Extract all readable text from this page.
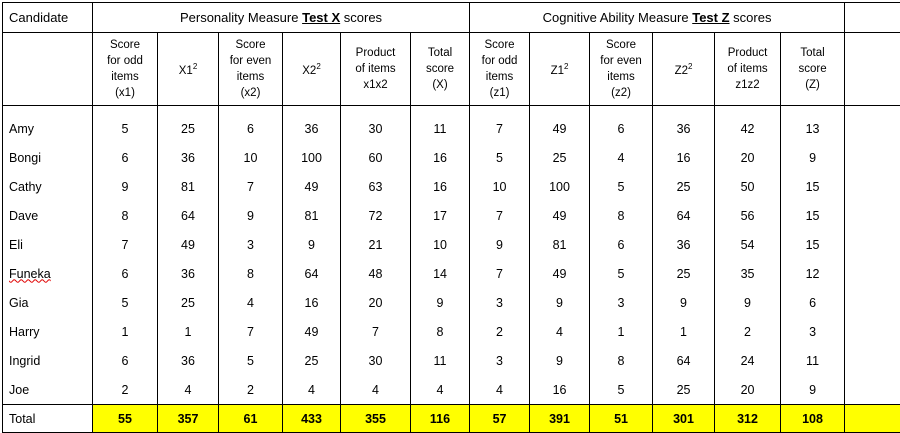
Candidate	Personality Measure Test X scores						Cognitive Ability Measure Test Z scores						
	Score
for odd
items
(x1)	$X1^2$	Score
for even
items
(x2)	$X2^2$	Product
of items
x1x2	Total
score
(X)	Score
for odd
items
(z1)	$Z1^2$	Score
for even
items
(z2)	$Z2^2$	Product
of items
z1z2	Total
score
(Z)	
Amy	5	25	6	36	30	11	7	49	6	36	42	13	
Bongi	6	36	10	100	60	16	5	25	4	16	20	9	
Cathy	9	81	7	49	63	16	10	100	5	25	50	15	
Dave	8	64	9	81	72	17	7	49	8	64	56	15	
Eli	7	49	3	9	21	10	9	81	6	36	54	15	
Funeka	6	36	8	64	48	14	7	49	5	25	35	12	
Gia	5	25	4	16	20	9	3	9	3	9	9	6	
Harry	1	1	7	49	7	8	2	4	1	1	2	3	
Ingrid	6	36	5	25	30	11	3	9	8	64	24	11	
Joe	2	4	2	4	4	4	4	16	5	25	20	9	
Total	55	357	61	433	355	116	57	391	51	301	312	108	
